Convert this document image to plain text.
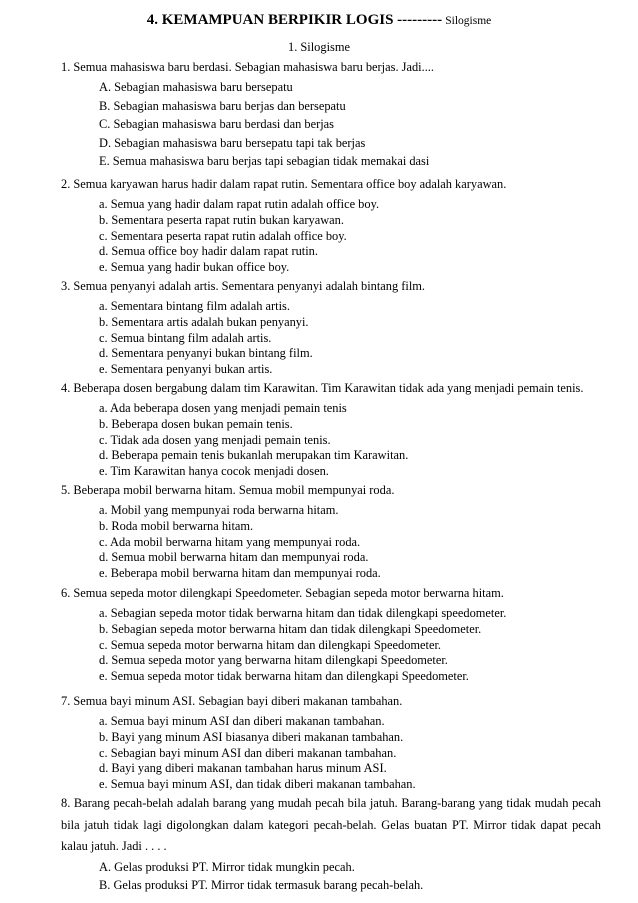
4. KEMAMPUAN BERPIKIR LOGIS --------- Silogisme
1. Silogisme
1. Semua mahasiswa baru berdasi. Sebagian mahasiswa baru berjas. Jadi....
A. Sebagian mahasiswa baru bersepatu
B. Sebagian mahasiswa baru berjas dan bersepatu
C. Sebagian mahasiswa baru berdasi dan berjas
D. Sebagian mahasiswa baru bersepatu tapi tak berjas
E. Semua mahasiswa baru berjas tapi sebagian tidak memakai dasi
2. Semua karyawan harus hadir dalam rapat rutin. Sementara office boy adalah karyawan.
a. Semua yang hadir dalam rapat rutin adalah office boy.
b. Sementara peserta rapat rutin bukan karyawan.
c. Sementara peserta rapat rutin adalah office boy.
d. Semua office boy hadir dalam rapat rutin.
e. Semua yang hadir bukan office boy.
3. Semua penyanyi adalah artis. Sementara penyanyi adalah bintang film.
a. Sementara bintang film adalah artis.
b. Sementara artis adalah bukan penyanyi.
c. Semua bintang film adalah artis.
d. Sementara penyanyi bukan bintang film.
e. Sementara penyanyi bukan artis.
4. Beberapa dosen bergabung dalam tim Karawitan. Tim Karawitan tidak ada yang menjadi pemain tenis.
a. Ada beberapa dosen yang menjadi pemain tenis
b. Beberapa dosen bukan pemain tenis.
c. Tidak ada dosen yang menjadi pemain tenis.
d. Beberapa pemain tenis bukanlah merupakan tim Karawitan.
e. Tim Karawitan hanya cocok menjadi dosen.
5. Beberapa mobil berwarna hitam. Semua mobil mempunyai roda.
a. Mobil yang mempunyai roda berwarna hitam.
b. Roda mobil berwarna hitam.
c. Ada mobil berwarna hitam yang mempunyai roda.
d. Semua mobil berwarna hitam dan mempunyai roda.
e. Beberapa mobil berwarna hitam dan mempunyai roda.
6. Semua sepeda motor dilengkapi Speedometer. Sebagian sepeda motor berwarna hitam.
a. Sebagian sepeda motor tidak berwarna hitam dan tidak dilengkapi speedometer.
b. Sebagian sepeda motor berwarna hitam dan tidak dilengkapi Speedometer.
c. Semua sepeda motor berwarna hitam dan dilengkapi Speedometer.
d. Semua sepeda motor yang berwarna hitam dilengkapi Speedometer.
e. Semua sepeda motor tidak berwarna hitam dan dilengkapi Speedometer.
7. Semua bayi minum ASI. Sebagian bayi diberi makanan tambahan.
a. Semua bayi minum ASI dan diberi makanan tambahan.
b. Bayi yang minum ASI biasanya diberi makanan tambahan.
c. Sebagian bayi minum ASI dan diberi makanan tambahan.
d. Bayi yang diberi makanan tambahan harus minum ASI.
e. Semua bayi minum ASI, dan tidak diberi makanan tambahan.
8. Barang pecah-belah adalah barang yang mudah pecah bila jatuh. Barang-barang yang tidak mudah pecah bila jatuh tidak lagi digolongkan dalam kategori pecah-belah. Gelas buatan PT. Mirror tidak dapat pecah kalau jatuh. Jadi . . . .
A. Gelas produksi PT. Mirror tidak mungkin pecah.
B. Gelas produksi PT. Mirror tidak termasuk barang pecah-belah.
